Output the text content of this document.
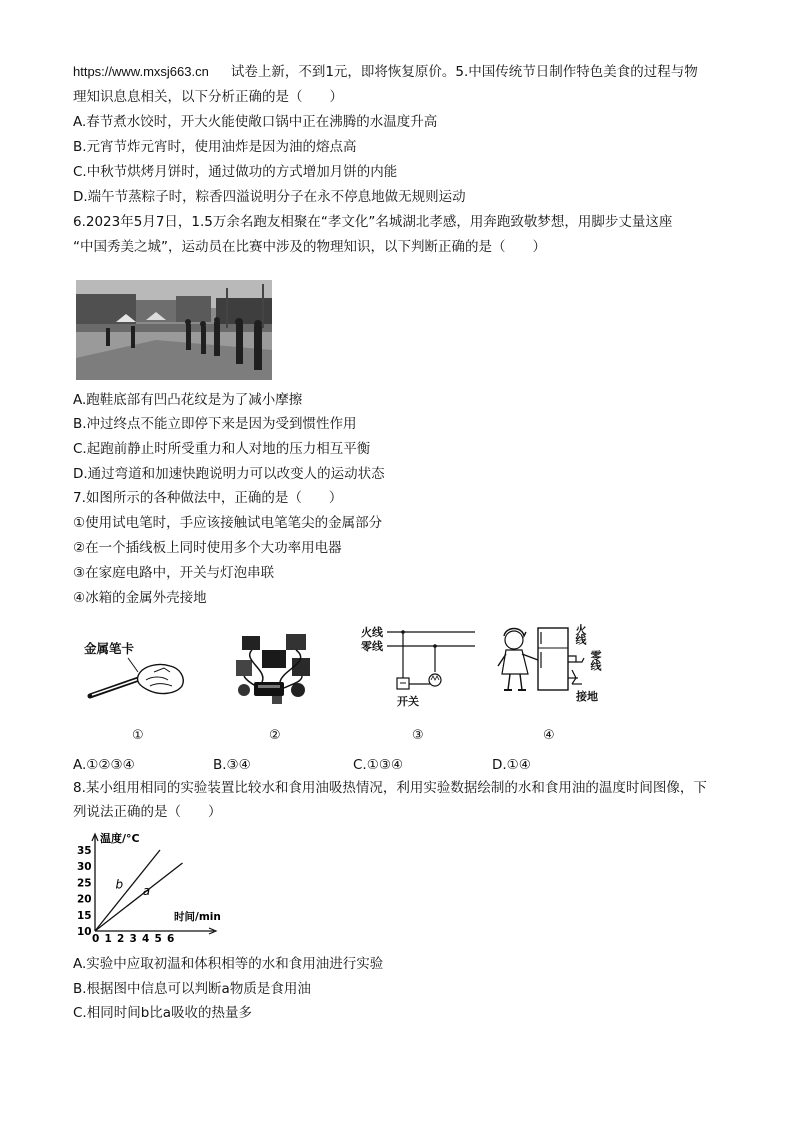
https://www.mxsj663.cn 试卷上新，不到1元，即将恢复原价。5.中国传统节日制作特色美食的过程与物
理知识息息相关，以下分析正确的是（　　）
A.春节煮水饺时，开大火能使敞口锅中正在沸腾的水温度升高
B.元宵节炸元宵时，使用油炸是因为油的熔点高
C.中秋节烘烤月饼时，通过做功的方式增加月饼的内能
D.端午节蒸粽子时，粽香四溢说明分子在永不停息地做无规则运动
6.2023年5月7日，1.5万余名跑友相聚在“孝文化”名城湖北孝感，用奔跑致敬梦想，用脚步丈量这座
“中国秀美之城”，运动员在比赛中涉及的物理知识，以下判断正确的是（　　）
A.跑鞋底部有凹凸花纹是为了减小摩擦
B.冲过终点不能立即停下来是因为受到惯性作用
C.起跑前静止时所受重力和人对地的压力相互平衡
D.通过弯道和加速快跑说明力可以改变人的运动状态
7.如图所示的各种做法中，正确的是（　　）
①使用试电笔时，手应该接触试电笔笔尖的金属部分
②在一个插线板上同时使用多个大功率用电器
③在家庭电路中，开关与灯泡串联
④冰箱的金属外壳接地
金属笔卡
火线
零线
开关
火线
零线
接地
①	②	③	④
A.①②③④	B.③④	C.①③④	D.①④
8.某小组用相同的实验装置比较水和食用油吸热情况，利用实验数据绘制的水和食用油的温度时间图像，下
列说法正确的是（　　）
温度/°C
时间/min
0 1 2 3 4 5 6
10
15
20
25
30
35
b a
A.实验中应取初温和体积相等的水和食用油进行实验
B.根据图中信息可以判断a物质是食用油
C.相同时间b比a吸收的热量多
